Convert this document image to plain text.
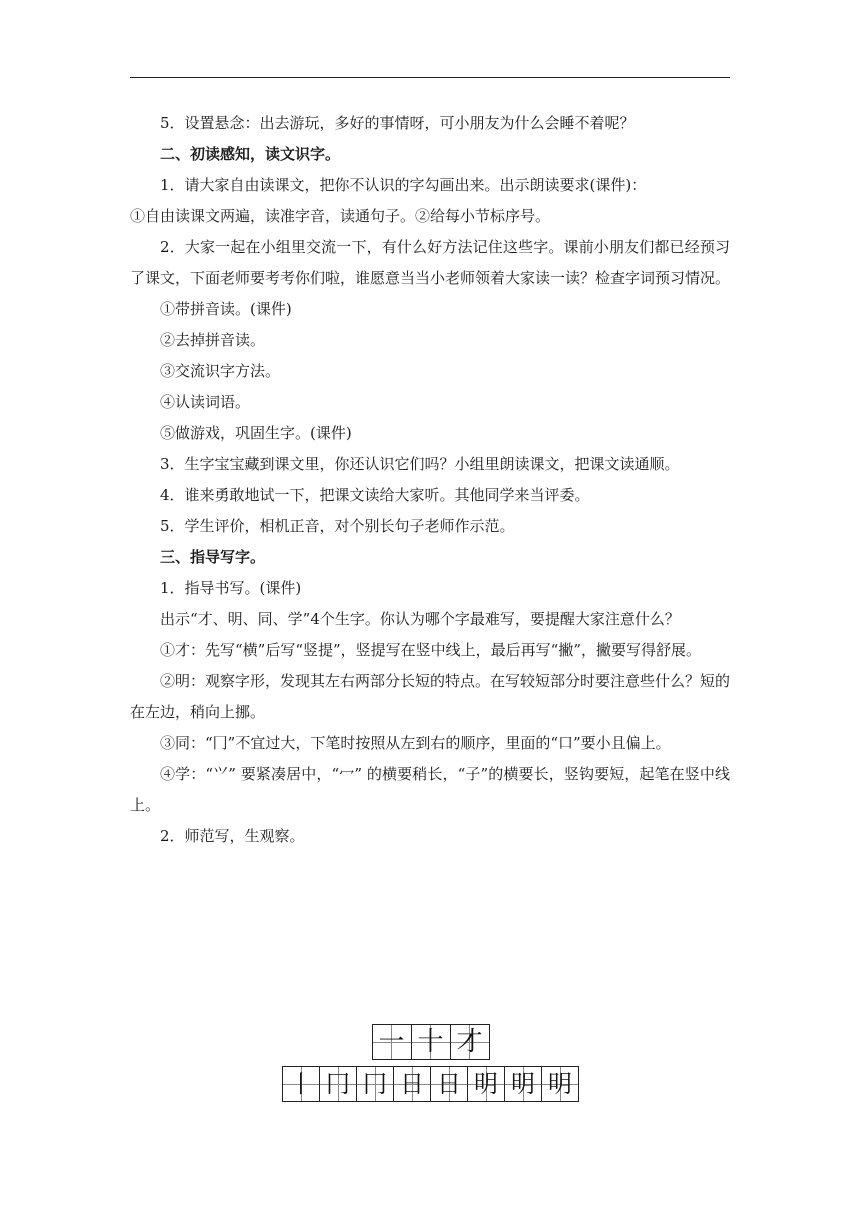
5．设置悬念：出去游玩，多好的事情呀，可小朋友为什么会睡不着呢？

二、初读感知，读文识字。

1．请大家自由读课文，把你不认识的字勾画出来。出示朗读要求(课件)：

①自由读课文两遍，读准字音，读通句子。②给每小节标序号。

2．大家一起在小组里交流一下，有什么好方法记住这些字。课前小朋友们都已经预习了课文，下面老师要考考你们啦，谁愿意当当小老师领着大家读一读？检查字词预习情况。

①带拼音读。(课件)

②去掉拼音读。

③交流识字方法。

④认读词语。

⑤做游戏，巩固生字。(课件)

3．生字宝宝藏到课文里，你还认识它们吗？小组里朗读课文，把课文读通顺。

4．谁来勇敢地试一下，把课文读给大家听。其他同学来当评委。

5．学生评价，相机正音，对个别长句子老师作示范。

三、指导写字。

1．指导书写。(课件)

出示“才、明、同、学”4个生字。你认为哪个字最难写，要提醒大家注意什么？

①才：先写“横”后写“竖提”，竖提写在竖中线上，最后再写“撇”，撇要写得舒展。

②明：观察字形，发现其左右两部分长短的特点。在写较短部分时要注意些什么？短的在左边，稍向上挪。

③同：“冂”不宜过大，下笔时按照从左到右的顺序，里面的“口”要小且偏上。

④学：“⺍” 要紧凑居中，“冖” 的横要稍长，“子”的横要长，竖钩要短，起笔在竖中线上。

2．师范写，生观察。

一 十 才
丨 冂 冂 日 日 明 明 明
